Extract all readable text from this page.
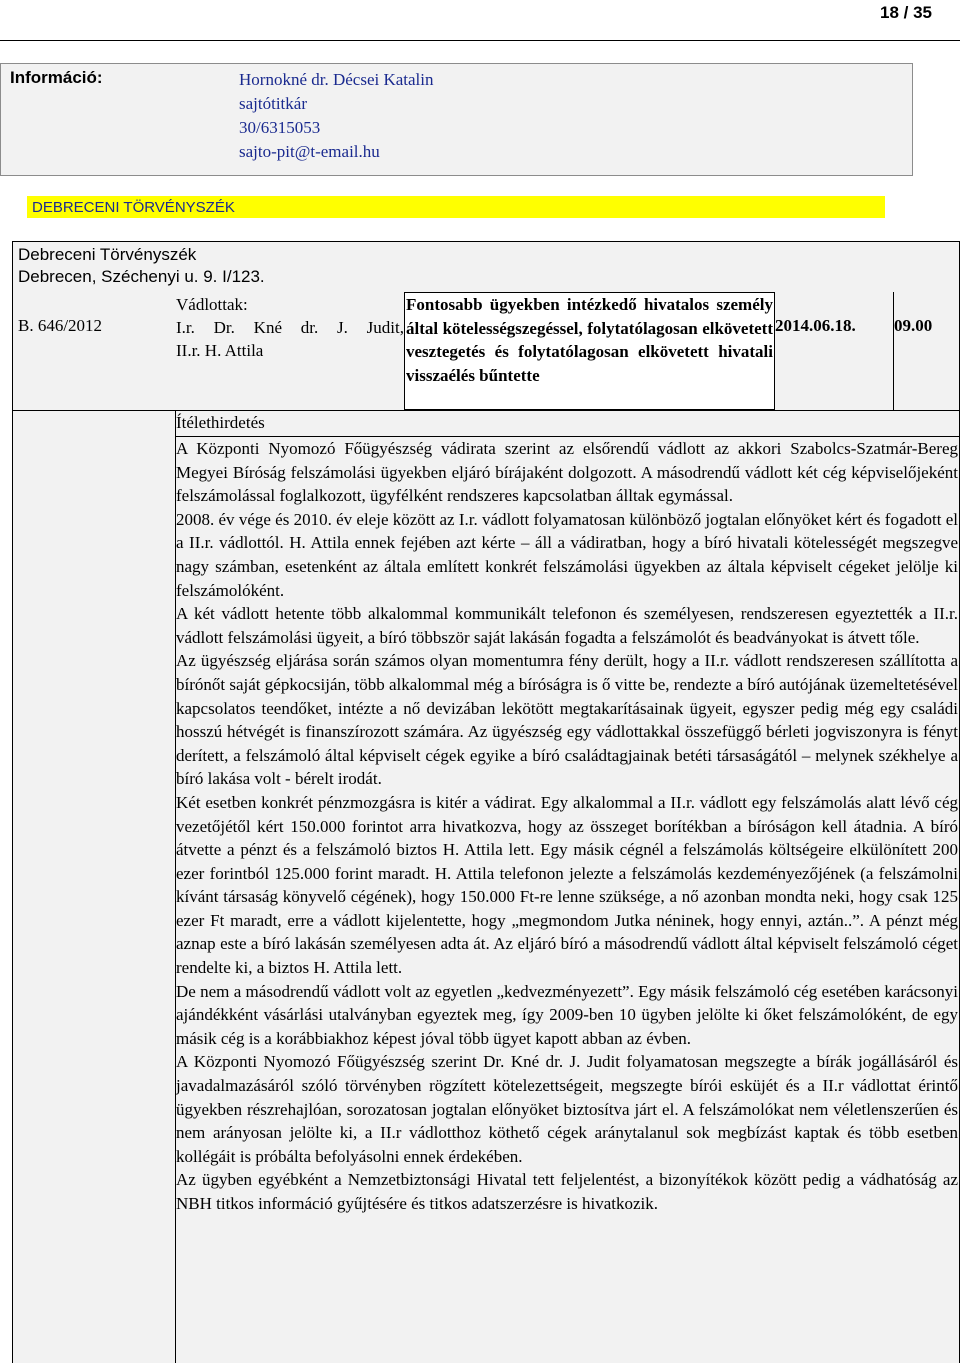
18 / 35
Információ:	Hornokné dr. Décsei Katalin
sajtótitkár
30/6315053
sajto-pit@t-email.hu
DEBRECENI TÖRVÉNYSZÉK
Debreceni Törvényszék
Debrecen, Széchenyi u. 9. I/123.
B. 646/2012
Vádlottak:
I.r. Dr. Kné dr. J. Judit,
II.r. H. Attila
Fontosabb ügyekben intézkedő hivatalos személy által kötelességszegéssel, folytatólagosan elkövetett vesztegetés és folytatólagosan elkövetett hivatali visszaélés bűntette
2014.06.18. 09.00
Ítélethirdetés

A Központi Nyomozó Főügyészség vádirata szerint az elsőrendű vádlott az akkori Szabolcs-Szatmár-Bereg Megyei Bíróság felszámolási ügyekben eljáró bírájaként dolgozott. A másodrendű vádlott két cég képviselőjeként felszámolással foglalkozott, ügyfélként rendszeres kapcsolatban álltak egymással.

2008. év vége és 2010. év eleje között az I.r. vádlott folyamatosan különböző jogtalan előnyöket kért és fogadott el a II.r. vádlottól. H. Attila ennek fejében azt kérte – áll a vádiratban, hogy a bíró hivatali kötelességét megszegve nagy számban, esetenként az általa említett konkrét felszámolási ügyekben az általa képviselt cégeket jelölje ki felszámolóként.

A két vádlott hetente több alkalommal kommunikált telefonon és személyesen, rendszeresen egyeztették a II.r. vádlott felszámolási ügyeit, a bíró többször saját lakásán fogadta a felszámolót és beadványokat is átvett tőle.

Az ügyészség eljárása során számos olyan momentumra fény derült, hogy a II.r. vádlott rendszeresen szállította a bírónőt saját gépkocsiján, több alkalommal még a bíróságra is ő vitte be, rendezte a bíró autójának üzemeltetésével kapcsolatos teendőket, intézte a nő devizában lekötött megtakarításainak ügyeit, egyszer pedig még egy családi hosszú hétvégét is finanszírozott számára. Az ügyészség egy vádlottakkal összefüggő bérleti jogviszonyra is fényt derített, a felszámoló által képviselt cégek egyike a bíró családtagjainak betéti társaságától – melynek székhelye a bíró lakása volt - bérelt irodát.

Két esetben konkrét pénzmozgásra is kitér a vádirat. Egy alkalommal a II.r. vádlott egy felszámolás alatt lévő cég vezetőjétől kért 150.000 forintot arra hivatkozva, hogy az összeget borítékban a bíróságon kell átadnia. A bíró átvette a pénzt és a felszámoló biztos H. Attila lett. Egy másik cégnél a felszámolás költségeire elkülönített 200 ezer forintból 125.000 forint maradt. H. Attila telefonon jelezte a felszámolás kezdeményezőjének (a felszámolni kívánt társaság könyvelő cégének), hogy 150.000 Ft-re lenne szüksége, a nő azonban mondta neki, hogy csak 125 ezer Ft maradt, erre a vádlott kijelentette, hogy „megmondom Jutka néninek, hogy ennyi, aztán..”. A pénzt még aznap este a bíró lakásán személyesen adta át. Az eljáró bíró a másodrendű vádlott által képviselt felszámoló céget rendelte ki, a biztos H. Attila lett.

De nem a másodrendű vádlott volt az egyetlen „kedvezményezett”. Egy másik felszámoló cég esetében karácsonyi ajándékként vásárlási utalványban egyeztek meg, így 2009-ben 10 ügyben jelölte ki őket felszámolóként, de egy másik cég is a korábbiakhoz képest jóval több ügyet kapott abban az évben.

A Központi Nyomozó Főügyészség szerint Dr. Kné dr. J. Judit folyamatosan megszegte a bírák jogállásáról és javadalmazásáról szóló törvényben rögzített kötelezettségeit, megszegte bírói esküjét és a II.r vádlottat érintő ügyekben részrehajlóan, sorozatosan jogtalan előnyöket biztosítva járt el. A felszámolókat nem véletlenszerűen és nem arányosan jelölte ki, a II.r vádlotthoz köthető cégek aránytalanul sok megbízást kaptak és több esetben kollégáit is próbálta befolyásolni ennek érdekében.

Az ügyben egyébként a Nemzetbiztonsági Hivatal tett feljelentést, a bizonyítékok között pedig a vádhatóság az NBH titkos információ gyűjtésére és titkos adatszerzésre is hivatkozik.
